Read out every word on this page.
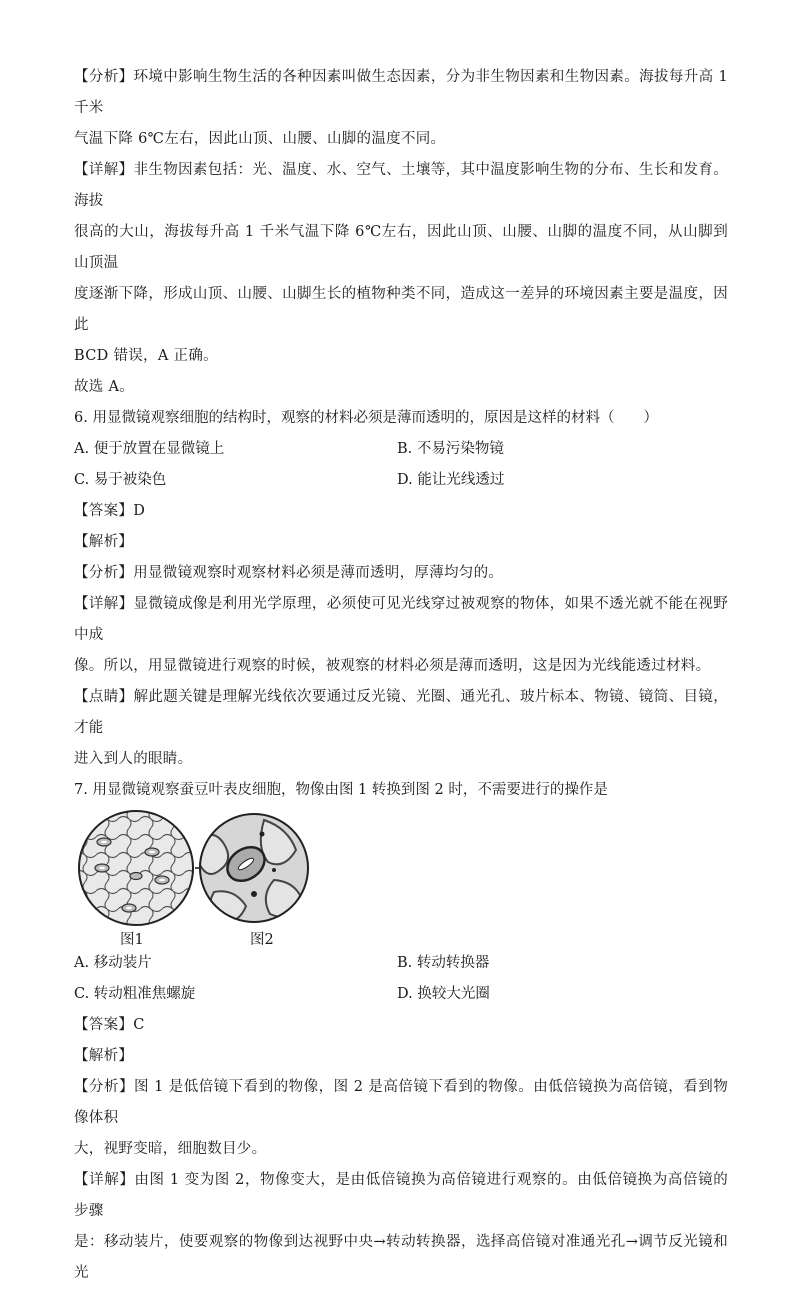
【分析】环境中影响生物生活的各种因素叫做生态因素，分为非生物因素和生物因素。海拔每升高 1 千米

气温下降 6℃左右，因此山顶、山腰、山脚的温度不同。

【详解】非生物因素包括：光、温度、水、空气、土壤等，其中温度影响生物的分布、生长和发育。海拔

很高的大山，海拔每升高 1 千米气温下降 6℃左右，因此山顶、山腰、山脚的温度不同，从山脚到山顶温

度逐渐下降，形成山顶、山腰、山脚生长的植物种类不同，造成这一差异的环境因素主要是温度，因此

BCD 错误，A 正确。

故选 A。

6. 用显微镜观察细胞的结构时，观察的材料必须是薄而透明的，原因是这样的材料（　　）

A. 便于放置在显微镜上	B. 不易污染物镜
C. 易于被染色	D. 能让光线透过

【答案】D

【解析】

【分析】用显微镜观察时观察材料必须是薄而透明，厚薄均匀的。

【详解】显微镜成像是利用光学原理，必须使可见光线穿过被观察的物体，如果不透光就不能在视野中成

像。所以，用显微镜进行观察的时候，被观察的材料必须是薄而透明，这是因为光线能透过材料。

【点睛】解此题关键是理解光线依次要通过反光镜、光圈、通光孔、玻片标本、物镜、镜筒、目镜，才能

进入到人的眼睛。

7. 用显微镜观察蚕豆叶表皮细胞，物像由图 1 转换到图 2 时，不需要进行的操作是

图1	图2
A. 移动装片	B. 转动转换器
C. 转动粗准焦螺旋	D. 换较大光圈

【答案】C

【解析】

【分析】图 1 是低倍镜下看到的物像，图 2 是高倍镜下看到的物像。由低倍镜换为高倍镜，看到物像体积

大，视野变暗，细胞数目少。

【详解】由图 1 变为图 2，物像变大，是由低倍镜换为高倍镜进行观察的。由低倍镜换为高倍镜的步骤

是：移动装片，使要观察的物像到达视野中央→转动转换器，选择高倍镜对准通光孔→调节反光镜和光
